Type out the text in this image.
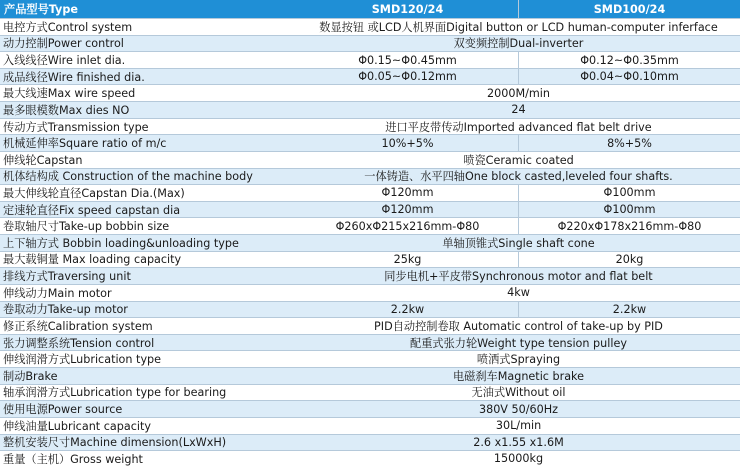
产品型号Type	SMD120/24	SMD100/24
电控方式Control system	数显按钮 或LCD人机界面Digital button or LCD human-computer inferface
动力控制Power control	双变频控制Dual-inverter
入线线径Wire inlet dia.	Φ0.15~Φ0.45mm	Φ0.12~Φ0.35mm
成品线径Wire finished dia.	Φ0.05~Φ0.12mm	Φ0.04~Φ0.10mm
最大线速Max wire speed	2000M/min
最多眼模数Max dies NO	24
传动方式Transmission type	进口平皮带传动Imported advanced flat belt drive
机械延伸率Square ratio of m/c	10%+5%	8%+5%
伸线轮Capstan	喷瓷Ceramic coated
机体结构成 Construction of the machine body	一体铸造、水平四轴One block casted,leveled four shafts.
最大伸线轮直径Capstan Dia.(Max)	Φ120mm	Φ100mm
定速轮直径Fix speed capstan dia	Φ120mm	Φ100mm
卷取轴尺寸Take-up bobbin size	Φ260xΦ215x216mm-Φ80	Φ220xΦ178x216mm-Φ80
上下轴方式 Bobbin loading&unloading type	单轴顶锥式Single shaft cone
最大载铜量 Max loading capacity	25kg	20kg
排线方式Traversing unit	同步电机+平皮带Synchronous motor and flat belt
伸线动力Main motor	4kw
卷取动力Take-up motor	2.2kw	2.2kw
修正系统Calibration system	PID自动控制卷取 Automatic control of take-up by PID
张力调整系统Tension control	配重式张力轮Weight type tension pulley
伸线润滑方式Lubrication type	喷洒式Spraying
制动Brake	电磁刹车Magnetic brake
轴承润滑方式Lubrication type for bearing	无油式Without oil
使用电源Power source	380V 50/60Hz
伸线油量Lubricant capacity	30L/min
整机安装尺寸Machine dimension(LxWxH)	2.6 x1.55 x1.6M
重量（主机）Gross weight	15000kg
